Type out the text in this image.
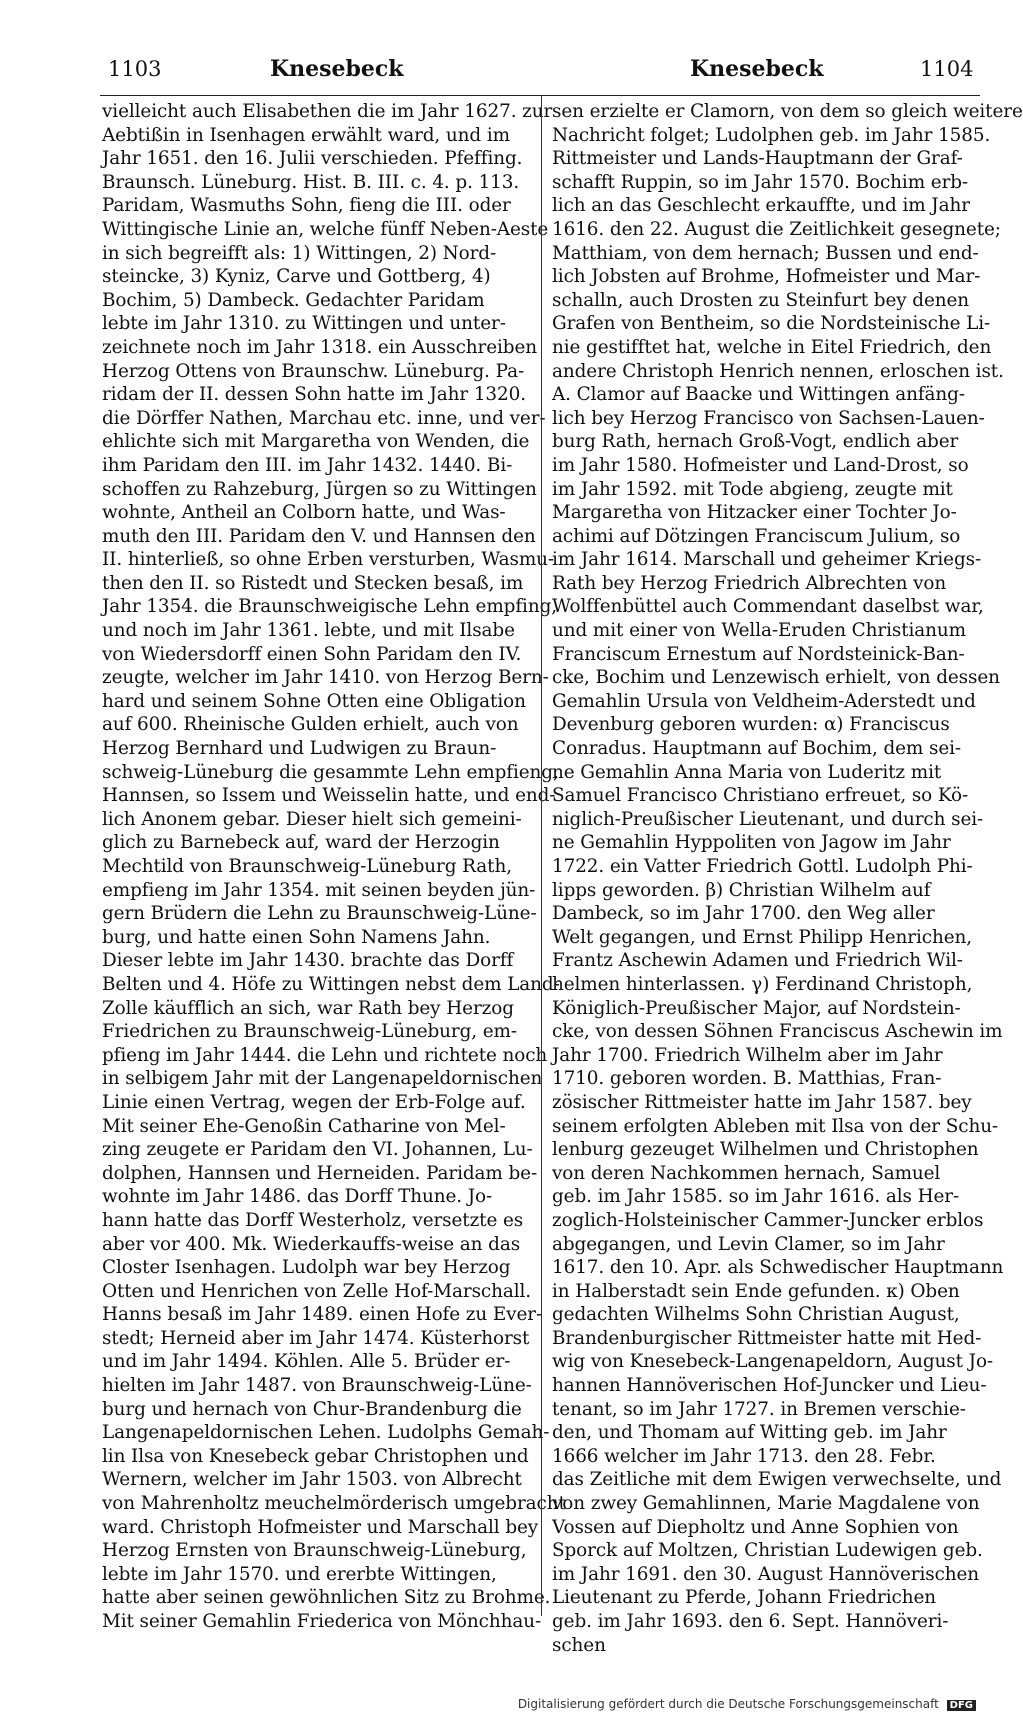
1103	Knesebeck	Knesebeck	1104
vielleicht auch Elisabethen die im Jahr 1627. zur
Aebtißin in Isenhagen erwählt ward, und im
Jahr 1651. den 16. Julii verschieden. Pfeffing.
Braunsch. Lüneburg. Hist. B. III. c. 4. p. 113.
Paridam, Wasmuths Sohn, fieng die III. oder
Wittingische Linie an, welche fünff Neben-Aeste
in sich begreifft als: 1) Wittingen, 2) Nord-
steincke, 3) Kyniz, Carve und Gottberg, 4)
Bochim, 5) Dambeck. Gedachter Paridam
lebte im Jahr 1310. zu Wittingen und unter-
zeichnete noch im Jahr 1318. ein Ausschreiben
Herzog Ottens von Braunschw. Lüneburg. Pa-
ridam der II. dessen Sohn hatte im Jahr 1320.
die Dörffer Nathen, Marchau etc. inne, und ver-
ehlichte sich mit Margaretha von Wenden, die
ihm Paridam den III. im Jahr 1432. 1440. Bi-
schoffen zu Rahzeburg, Jürgen so zu Wittingen
wohnte, Antheil an Colborn hatte, und Was-
muth den III. Paridam den V. und Hannsen den
II. hinterließ, so ohne Erben versturben, Wasmu-
then den II. so Ristedt und Stecken besaß, im
Jahr 1354. die Braunschweigische Lehn empfing,
und noch im Jahr 1361. lebte, und mit Ilsabe
von Wiedersdorff einen Sohn Paridam den IV.
zeugte, welcher im Jahr 1410. von Herzog Bern-
hard und seinem Sohne Otten eine Obligation
auf 600. Rheinische Gulden erhielt, auch von
Herzog Bernhard und Ludwigen zu Braun-
schweig-Lüneburg die gesammte Lehn empfieng,
Hannsen, so Issem und Weisselin hatte, und end-
lich Anonem gebar. Dieser hielt sich gemeini-
glich zu Barnebeck auf, ward der Herzogin
Mechtild von Braunschweig-Lüneburg Rath,
empfieng im Jahr 1354. mit seinen beyden jün-
gern Brüdern die Lehn zu Braunschweig-Lüne-
burg, und hatte einen Sohn Namens Jahn.
Dieser lebte im Jahr 1430. brachte das Dorff
Belten und 4. Höfe zu Wittingen nebst dem Land-
Zolle käufflich an sich, war Rath bey Herzog
Friedrichen zu Braunschweig-Lüneburg, em-
pfieng im Jahr 1444. die Lehn und richtete noch
in selbigem Jahr mit der Langenapeldornischen
Linie einen Vertrag, wegen der Erb-Folge auf.
Mit seiner Ehe-Genoßin Catharine von Mel-
zing zeugete er Paridam den VI. Johannen, Lu-
dolphen, Hannsen und Herneiden. Paridam be-
wohnte im Jahr 1486. das Dorff Thune. Jo-
hann hatte das Dorff Westerholz, versetzte es
aber vor 400. Mk. Wiederkauffs-weise an das
Closter Isenhagen. Ludolph war bey Herzog
Otten und Henrichen von Zelle Hof-Marschall.
Hanns besaß im Jahr 1489. einen Hofe zu Ever-
stedt; Herneid aber im Jahr 1474. Küsterhorst
und im Jahr 1494. Köhlen. Alle 5. Brüder er-
hielten im Jahr 1487. von Braunschweig-Lüne-
burg und hernach von Chur-Brandenburg die
Langenapeldornischen Lehen. Ludolphs Gemah-
lin Ilsa von Knesebeck gebar Christophen und
Wernern, welcher im Jahr 1503. von Albrecht
von Mahrenholtz meuchelmörderisch umgebracht
ward. Christoph Hofmeister und Marschall bey
Herzog Ernsten von Braunschweig-Lüneburg,
lebte im Jahr 1570. und ererbte Wittingen,
hatte aber seinen gewöhnlichen Sitz zu Brohme.
Mit seiner Gemahlin Friederica von Mönchhau-
sen erzielte er Clamorn, von dem so gleich weitere
Nachricht folget; Ludolphen geb. im Jahr 1585.
Rittmeister und Lands-Hauptmann der Graf-
schafft Ruppin, so im Jahr 1570. Bochim erb-
lich an das Geschlecht erkauffte, und im Jahr
1616. den 22. August die Zeitlichkeit gesegnete;
Matthiam, von dem hernach; Bussen und end-
lich Jobsten auf Brohme, Hofmeister und Mar-
schalln, auch Drosten zu Steinfurt bey denen
Grafen von Bentheim, so die Nordsteinische Li-
nie gestifftet hat, welche in Eitel Friedrich, den
andere Christoph Henrich nennen, erloschen ist.
A. Clamor auf Baacke und Wittingen anfäng-
lich bey Herzog Francisco von Sachsen-Lauen-
burg Rath, hernach Groß-Vogt, endlich aber
im Jahr 1580. Hofmeister und Land-Drost, so
im Jahr 1592. mit Tode abgieng, zeugte mit
Margaretha von Hitzacker einer Tochter Jo-
achimi auf Dötzingen Franciscum Julium, so
im Jahr 1614. Marschall und geheimer Kriegs-
Rath bey Herzog Friedrich Albrechten von
Wolffenbüttel auch Commendant daselbst war,
und mit einer von Wella-Eruden Christianum
Franciscum Ernestum auf Nordsteinick-Ban-
cke, Bochim und Lenzewisch erhielt, von dessen
Gemahlin Ursula von Veldheim-Aderstedt und
Devenburg geboren wurden: α) Franciscus
Conradus. Hauptmann auf Bochim, dem sei-
ne Gemahlin Anna Maria von Luderitz mit
Samuel Francisco Christiano erfreuet, so Kö-
niglich-Preußischer Lieutenant, und durch sei-
ne Gemahlin Hyppoliten von Jagow im Jahr
1722. ein Vatter Friedrich Gottl. Ludolph Phi-
lipps geworden. β) Christian Wilhelm auf
Dambeck, so im Jahr 1700. den Weg aller
Welt gegangen, und Ernst Philipp Henrichen,
Frantz Aschewin Adamen und Friedrich Wil-
helmen hinterlassen. γ) Ferdinand Christoph,
Königlich-Preußischer Major, auf Nordstein-
cke, von dessen Söhnen Franciscus Aschewin im
Jahr 1700. Friedrich Wilhelm aber im Jahr
1710. geboren worden. B. Matthias, Fran-
zösischer Rittmeister hatte im Jahr 1587. bey
seinem erfolgten Ableben mit Ilsa von der Schu-
lenburg gezeuget Wilhelmen und Christophen
von deren Nachkommen hernach, Samuel
geb. im Jahr 1585. so im Jahr 1616. als Her-
zoglich-Holsteinischer Cammer-Juncker erblos
abgegangen, und Levin Clamer, so im Jahr
1617. den 10. Apr. als Schwedischer Hauptmann
in Halberstadt sein Ende gefunden. κ) Oben
gedachten Wilhelms Sohn Christian August,
Brandenburgischer Rittmeister hatte mit Hed-
wig von Knesebeck-Langenapeldorn, August Jo-
hannen Hannöverischen Hof-Juncker und Lieu-
tenant, so im Jahr 1727. in Bremen verschie-
den, und Thomam auf Witting geb. im Jahr
1666 welcher im Jahr 1713. den 28. Febr.
das Zeitliche mit dem Ewigen verwechselte, und
von zwey Gemahlinnen, Marie Magdalene von
Vossen auf Diepholtz und Anne Sophien von
Sporck auf Moltzen, Christian Ludewigen geb.
im Jahr 1691. den 30. August Hannöverischen
Lieutenant zu Pferde, Johann Friedrichen
geb. im Jahr 1693. den 6. Sept. Hannöveri-
schen
Digitalisierung gefördert durch die Deutsche Forschungsgemeinschaft DFG
